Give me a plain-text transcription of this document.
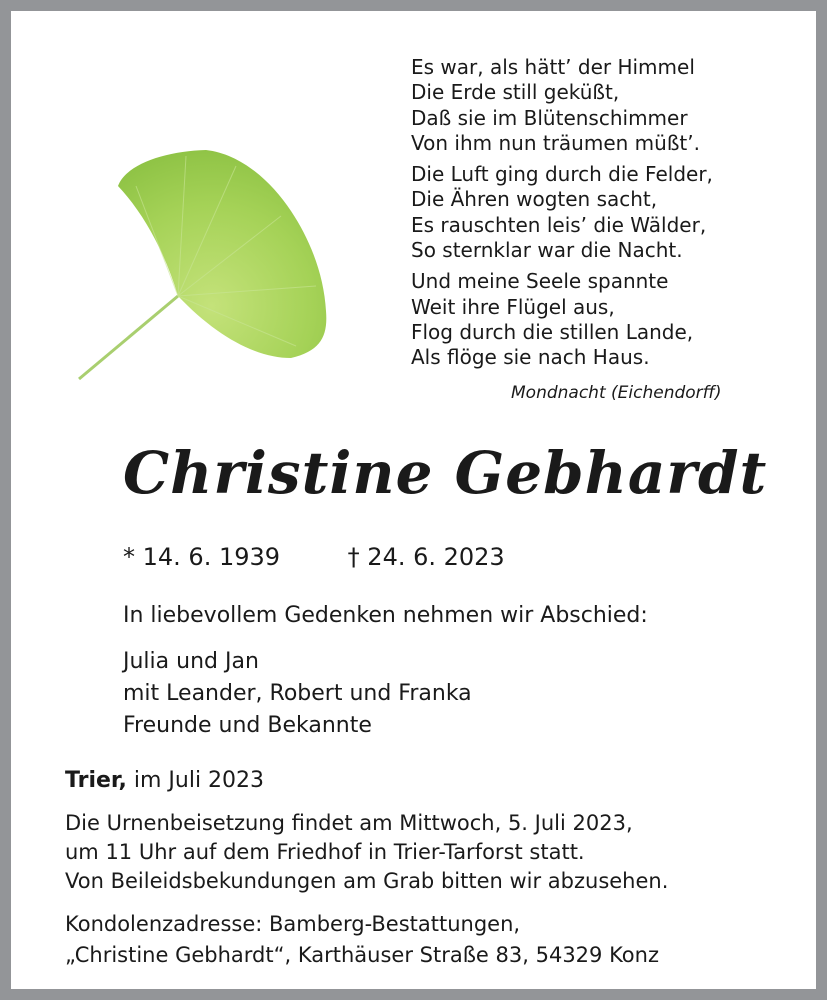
Es war, als hätt’ der Himmel
Die Erde still geküßt,
Daß sie im Blütenschimmer
Von ihm nun träumen müßt’.
Die Luft ging durch die Felder,
Die Ähren wogten sacht,
Es rauschten leis’ die Wälder,
So sternklar war die Nacht.
Und meine Seele spannte
Weit ihre Flügel aus,
Flog durch die stillen Lande,
Als flöge sie nach Haus.
Mondnacht (Eichendorff)
Christine Gebhardt
* 14. 6. 1939	† 24. 6. 2023
In liebevollem Gedenken nehmen wir Abschied:
Julia und Jan
mit Leander, Robert und Franka
Freunde und Bekannte
Trier, im Juli 2023
Die Urnenbeisetzung findet am Mittwoch, 5. Juli 2023,
um 11 Uhr auf dem Friedhof in Trier-Tarforst statt.
Von Beileidsbekundungen am Grab bitten wir abzusehen.
Kondolenzadresse: Bamberg-Bestattungen,
„Christine Gebhardt“, Karthäuser Straße 83, 54329 Konz
